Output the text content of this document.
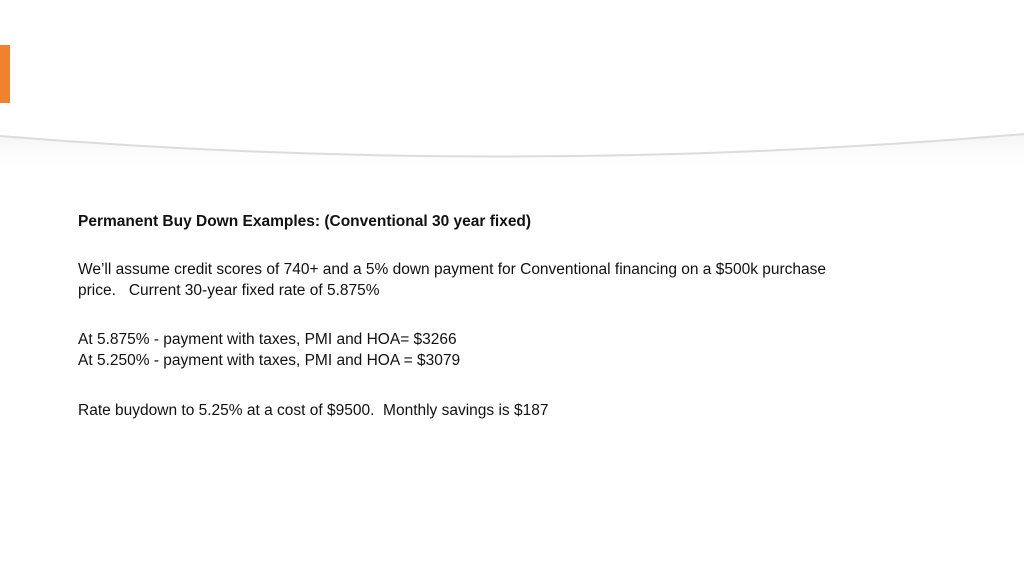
Permanent Buy Down Examples: (Conventional 30 year fixed)

We’ll assume credit scores of 740+ and a 5% down payment for Conventional financing on a $500k purchase

price.   Current 30-year fixed rate of 5.875%

At 5.875% - payment with taxes, PMI and HOA= $3266

At 5.250% - payment with taxes, PMI and HOA = $3079

Rate buydown to 5.25% at a cost of $9500.  Monthly savings is $187
